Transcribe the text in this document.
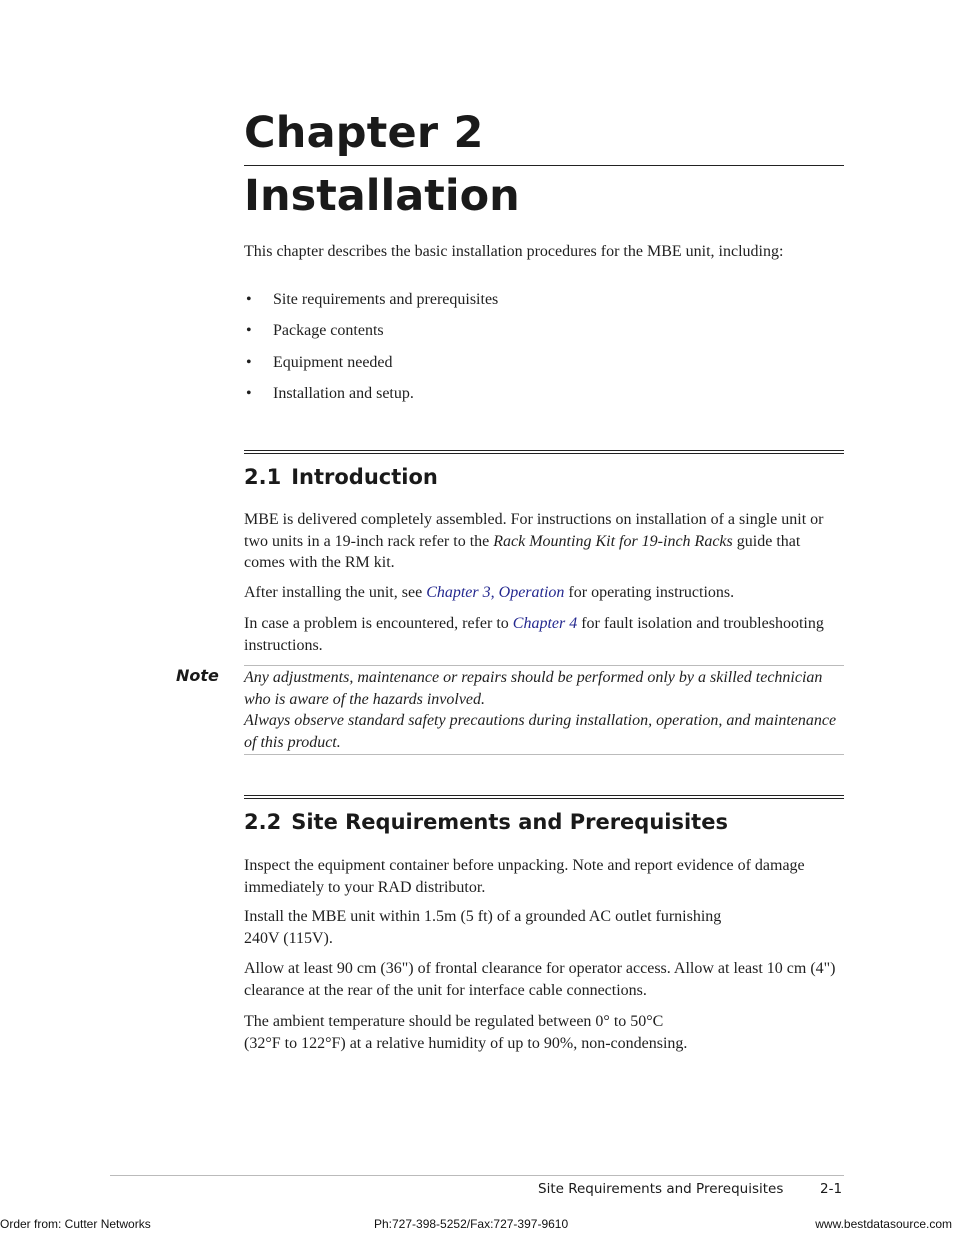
Chapter 2
Installation
This chapter describes the basic installation procedures for the MBE unit, including:
• Site requirements and prerequisites
• Package contents
• Equipment needed
• Installation and setup.
2.1 Introduction
MBE is delivered completely assembled. For instructions on installation of a single unit or two units in a 19-inch rack refer to the Rack Mounting Kit for 19-inch Racks guide that comes with the RM kit.
After installing the unit, see Chapter 3, Operation for operating instructions.
In case a problem is encountered, refer to Chapter 4 for fault isolation and troubleshooting instructions.
Note Any adjustments, maintenance or repairs should be performed only by a skilled technician who is aware of the hazards involved.
Always observe standard safety precautions during installation, operation, and maintenance of this product.
2.2 Site Requirements and Prerequisites
Inspect the equipment container before unpacking. Note and report evidence of damage immediately to your RAD distributor.
Install the MBE unit within 1.5m (5 ft) of a grounded AC outlet furnishing
240V (115V).
Allow at least 90 cm (36") of frontal clearance for operator access. Allow at least 10 cm (4") clearance at the rear of the unit for interface cable connections.
The ambient temperature should be regulated between 0° to 50°C
(32°F to 122°F) at a relative humidity of up to 90%, non-condensing.
Site Requirements and Prerequisites	2-1
Order from: Cutter Networks	Ph:727-398-5252/Fax:727-397-9610	www.bestdatasource.com
